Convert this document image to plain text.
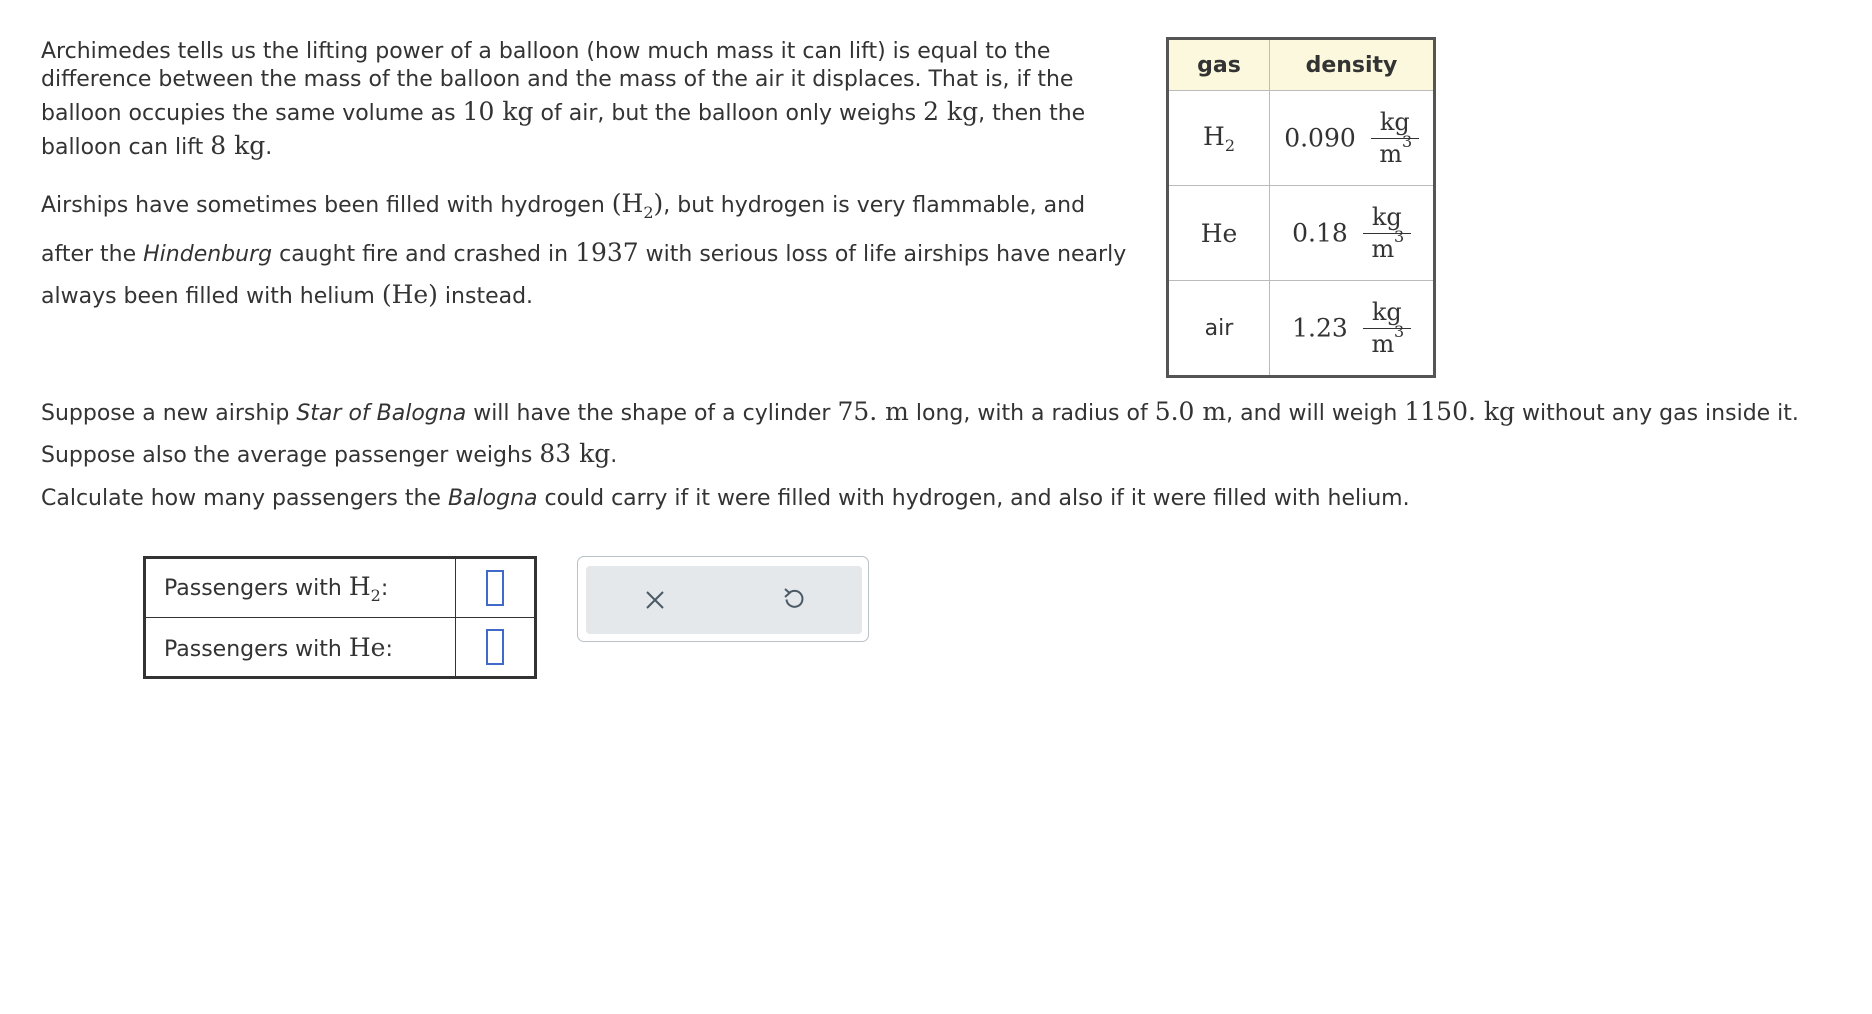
Archimedes tells us the lifting power of a balloon (how much mass it can lift) is equal to the
difference between the mass of the balloon and the mass of the air it displaces. That is, if the
balloon occupies the same volume as 10 kg of air, but the balloon only weighs 2 kg, then the
balloon can lift 8 kg.

Airships have sometimes been filled with hydrogen $(H_2)$, but hydrogen is very flammable, and
after the Hindenburg caught fire and crashed in 1937 with serious loss of life airships have nearly
always been filled with helium (He) instead.

gas	density
$H_2$	$0.090 \frac{kg}{m 3}$

He	$0.18 \frac{kg}{m 3}$

air	$1.23 \frac{kg}{m 3}$

Suppose a new airship Star of Balogna will have the shape of a cylinder 75. m long, with a radius of 5.0 m, and will weigh 1150. kg without any gas inside it.
Suppose also the average passenger weighs 83 kg.

Calculate how many passengers the Balogna could carry if it were filled with hydrogen, and also if it were filled with helium.

Passengers with $H_2$:	
Passengers with He:	
